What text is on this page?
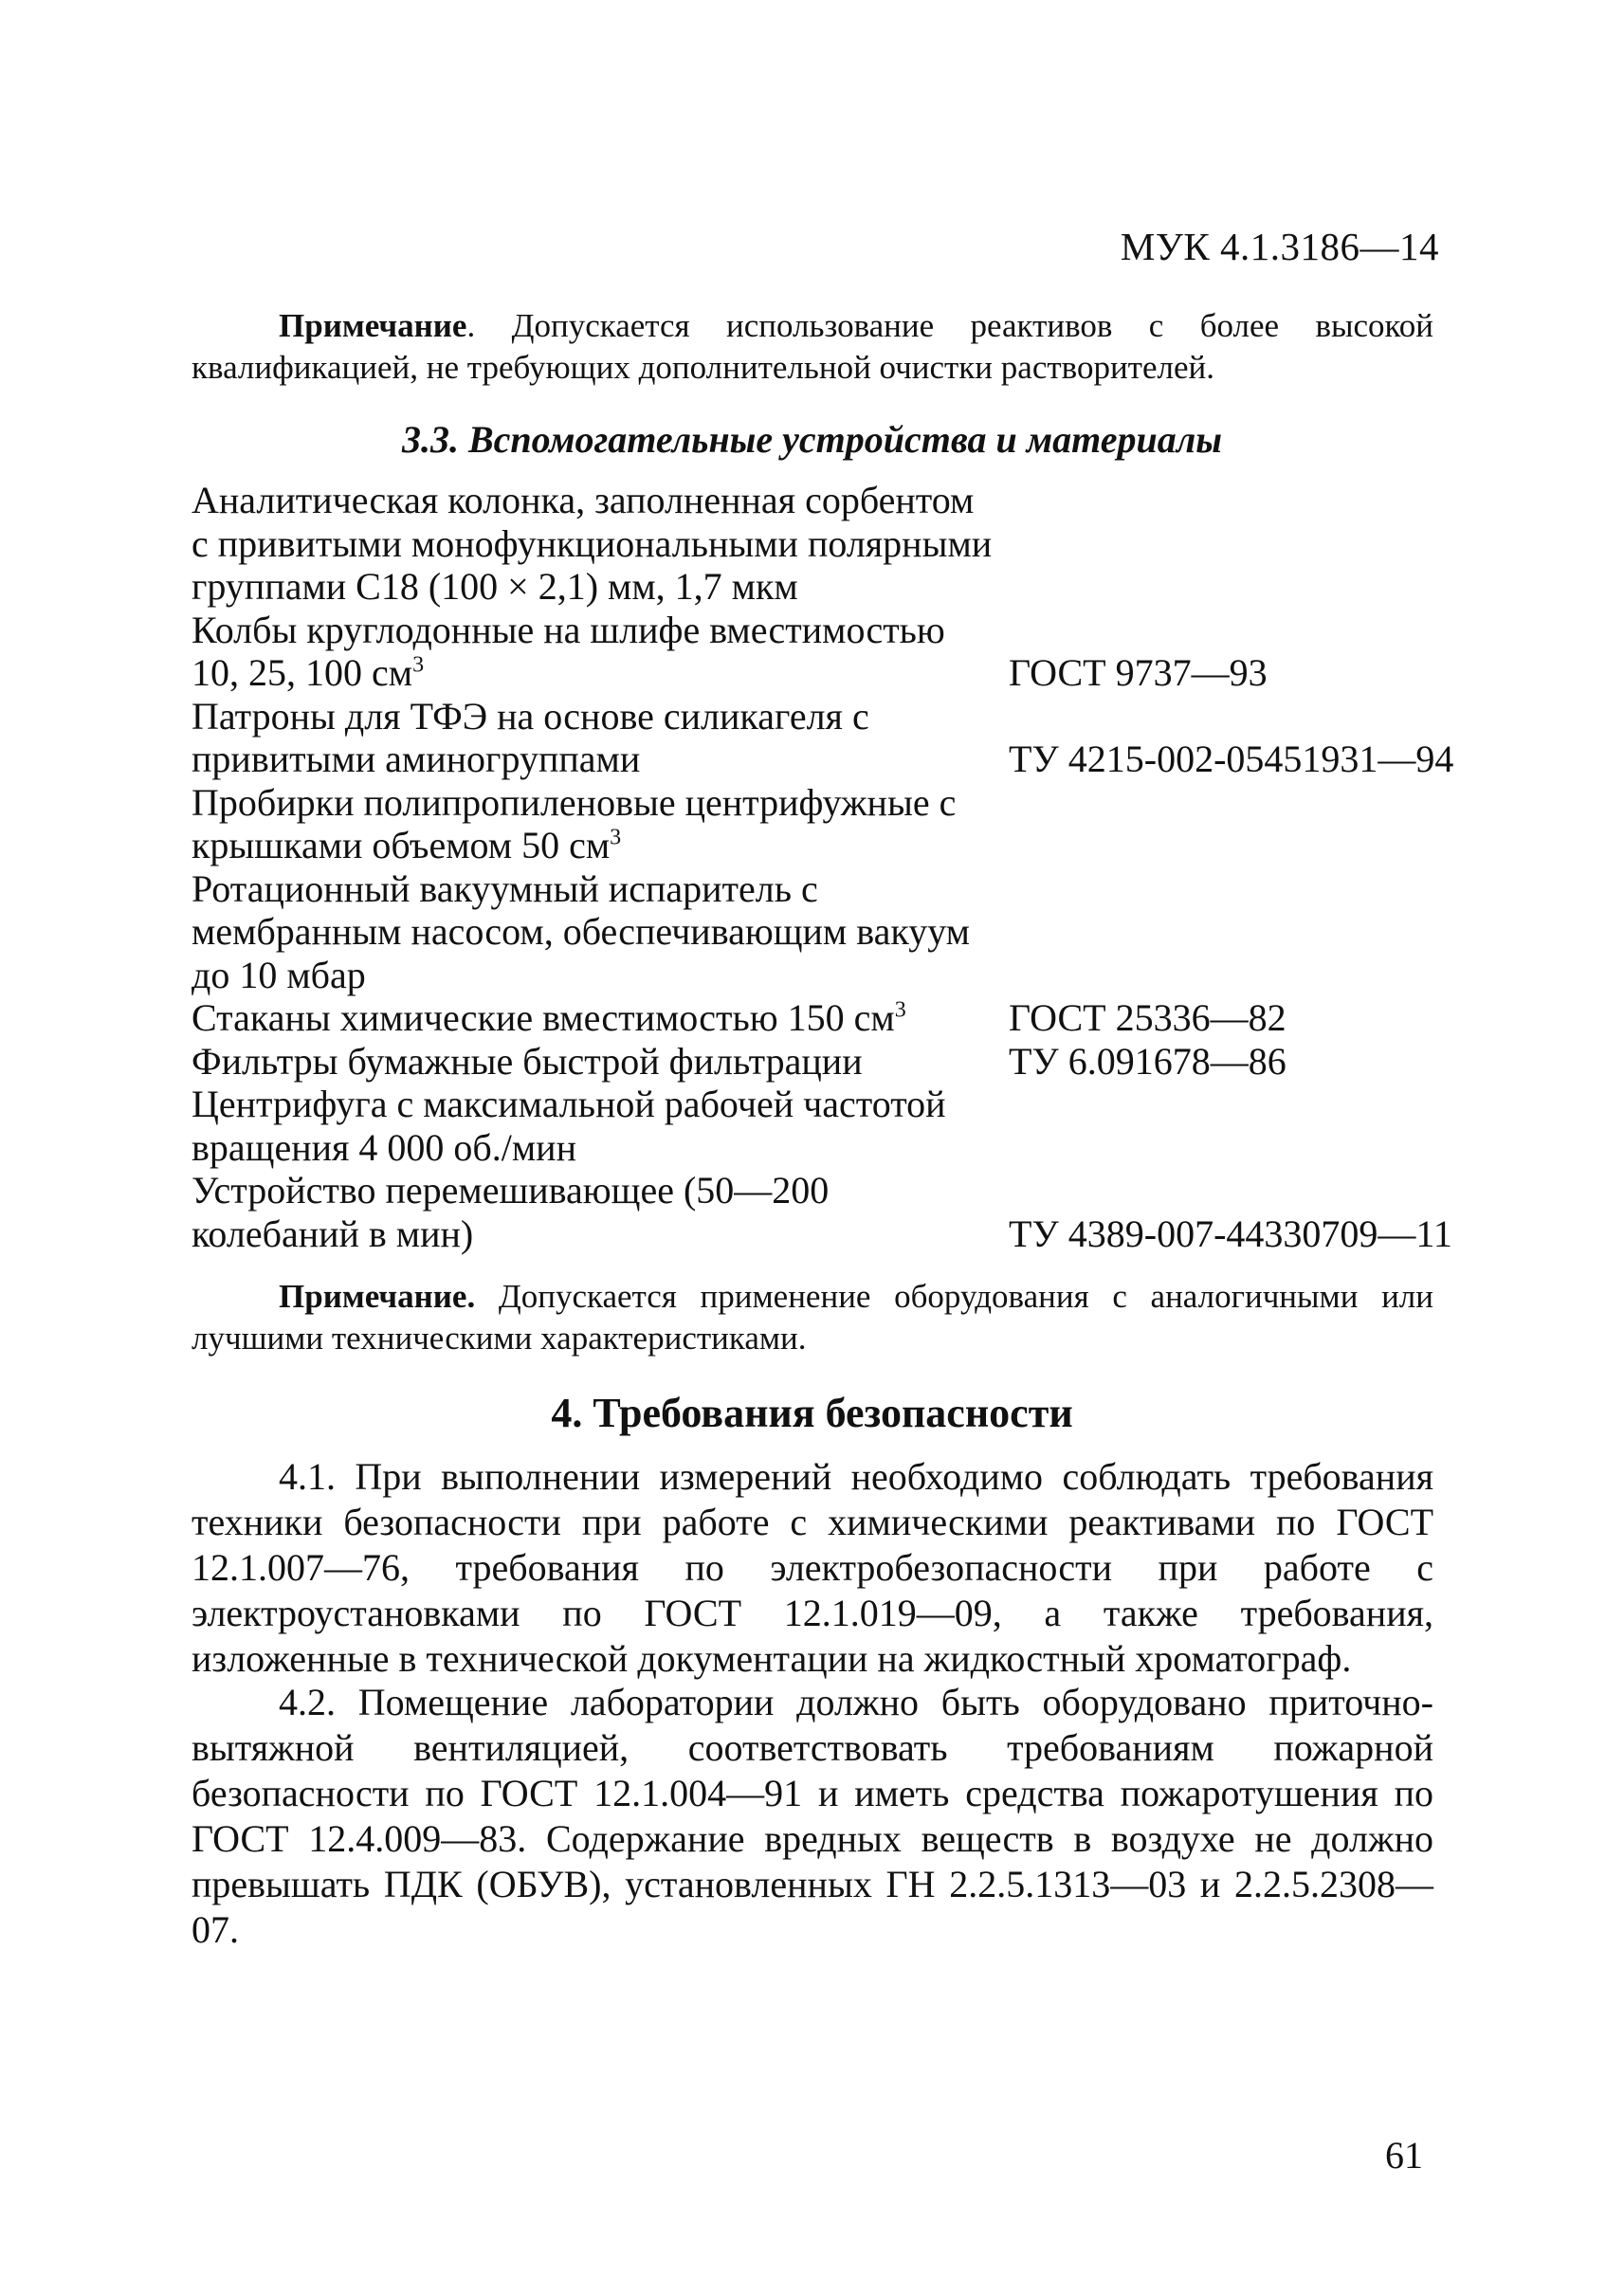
МУК 4.1.3186—14
Примечание. Допускается использование реактивов с более высокой квалификацией, не требующих дополнительной очистки растворителей.
3.3. Вспомогательные устройства и материалы
Аналитическая колонка, заполненная сорбентом с привитыми монофункциональными полярными группами C18 (100 × 2,1) мм, 1,7 мкм
Колбы круглодонные на шлифе вместимостью 10, 25, 100 $см^3$	ГОСТ 9737—93
Патроны для ТФЭ на основе силикагеля с привитыми аминогруппами	ТУ 4215-002-05451931—94
Пробирки полипропиленовые центрифужные с крышками объемом 50 $см^3$
Ротационный вакуумный испаритель с мембранным насосом, обеспечивающим вакуум до 10 мбар
Стаканы химические вместимостью 150 $см^3$	ГОСТ 25336—82
Фильтры бумажные быстрой фильтрации	ТУ 6.091678—86
Центрифуга с максимальной рабочей частотой вращения 4 000 об./мин
Устройство перемешивающее (50—200 колебаний в мин)	ТУ 4389-007-44330709—11
Примечание. Допускается применение оборудования с аналогичными или лучшими техническими характеристиками.
4. Требования безопасности
4.1. При выполнении измерений необходимо соблюдать требования техники безопасности при работе с химическими реактивами по ГОСТ 12.1.007—76, требования по электробезопасности при работе с электроустановками по ГОСТ 12.1.019—09, а также требования, изложенные в технической документации на жидкостный хроматограф.
4.2. Помещение лаборатории должно быть оборудовано приточно-вытяжной вентиляцией, соответствовать требованиям пожарной безопасности по ГОСТ 12.1.004—91 и иметь средства пожаротушения по ГОСТ 12.4.009—83. Содержание вредных веществ в воздухе не должно превышать ПДК (ОБУВ), установленных ГН 2.2.5.1313—03 и 2.2.5.2308—07.
61
